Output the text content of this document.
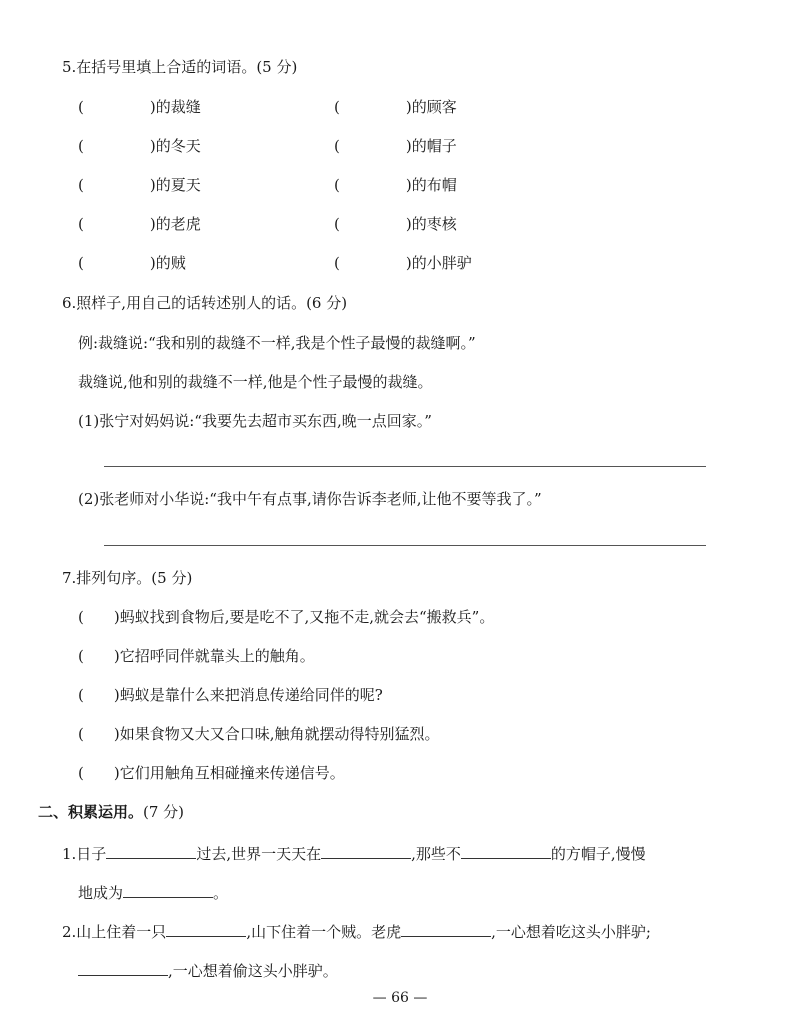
5.在括号里填上合适的词语。(5 分)
(	)的裁缝	(	)的顾客
(	)的冬天	(	)的帽子
(	)的夏天	(	)的布帽
(	)的老虎	(	)的枣核
(	)的贼	(	)的小胖驴
6.照样子,用自己的话转述别人的话。(6 分)
例:裁缝说:“我和别的裁缝不一样,我是个性子最慢的裁缝啊。”
裁缝说,他和别的裁缝不一样,他是个性子最慢的裁缝。
(1)张宁对妈妈说:“我要先去超市买东西,晚一点回家。”
(2)张老师对小华说:“我中午有点事,请你告诉李老师,让他不要等我了。”
7.排列句序。(5 分)
( )蚂蚁找到食物后,要是吃不了,又拖不走,就会去“搬救兵”。
( )它招呼同伴就靠头上的触角。
( )蚂蚁是靠什么来把消息传递给同伴的呢?
( )如果食物又大又合口味,触角就摆动得特别猛烈。
( )它们用触角互相碰撞来传递信号。
二、积累运用。(7 分)
1.日子	过去,世界一天天在	,那些不	的方帽子,慢慢
地成为	。
2.山上住着一只	,山下住着一个贼。老虎	,一心想着吃这头小胖驴;
,一心想着偷这头小胖驴。
— 66 —
